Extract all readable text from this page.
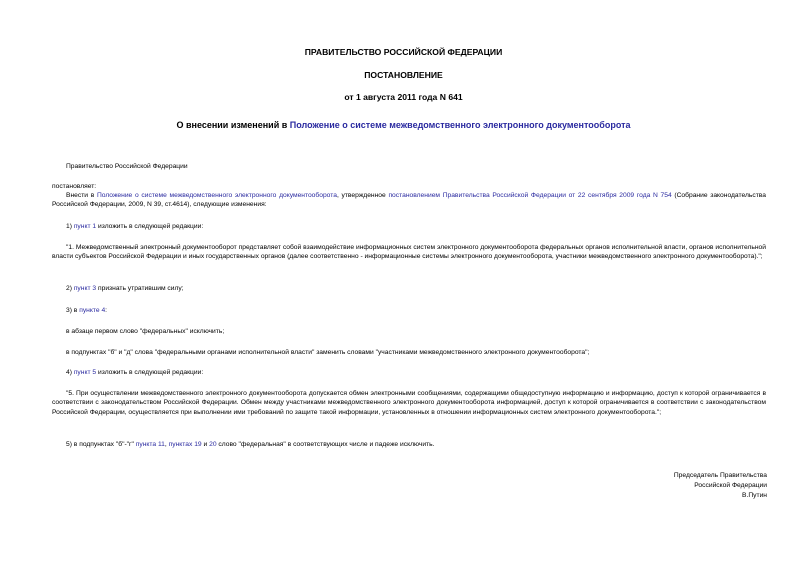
ПРАВИТЕЛЬСТВО РОССИЙСКОЙ ФЕДЕРАЦИИ
ПОСТАНОВЛЕНИЕ
от 1 августа 2011 года N 641
О внесении изменений в Положение о системе межведомственного электронного документооборота
Правительство Российской Федерации
постановляет:
Внести в Положение о системе межведомственного электронного документооборота, утвержденное постановлением Правительства Российской Федерации от 22 сентября 2009 года N 754 (Собрание законодательства Российской Федерации, 2009, N 39, ст.4614), следующие изменения:
1) пункт 1 изложить в следующей редакции:
"1. Межведомственный электронный документооборот представляет собой взаимодействие информационных систем электронного документооборота федеральных органов исполнительной власти, органов исполнительной власти субъектов Российской Федерации и иных государственных органов (далее соответственно - информационные системы электронного документооборота, участники межведомственного электронного документооборота).";
2) пункт 3 признать утратившим силу;
3) в пункте 4:
в абзаце первом слово "федеральных" исключить;
в подпунктах "б" и "д" слова "федеральными органами исполнительной власти" заменить словами "участниками межведомственного электронного документооборота";
4) пункт 5 изложить в следующей редакции:
"5. При осуществлении межведомственного электронного документооборота допускается обмен электронными сообщениями, содержащими общедоступную информацию и информацию, доступ к которой ограничивается в соответствии с законодательством Российской Федерации. Обмен между участниками межведомственного электронного документооборота информацией, доступ к которой ограничивается в соответствии с законодательством Российской Федерации, осуществляется при выполнении ими требований по защите такой информации, установленных в отношении информационных систем электронного документооборота.";
5) в подпунктах "б"-"г" пункта 11, пунктах 19 и 20 слово "федеральная" в соответствующих числе и падеже исключить.
Председатель Правительства
Российской Федерации
В.Путин
